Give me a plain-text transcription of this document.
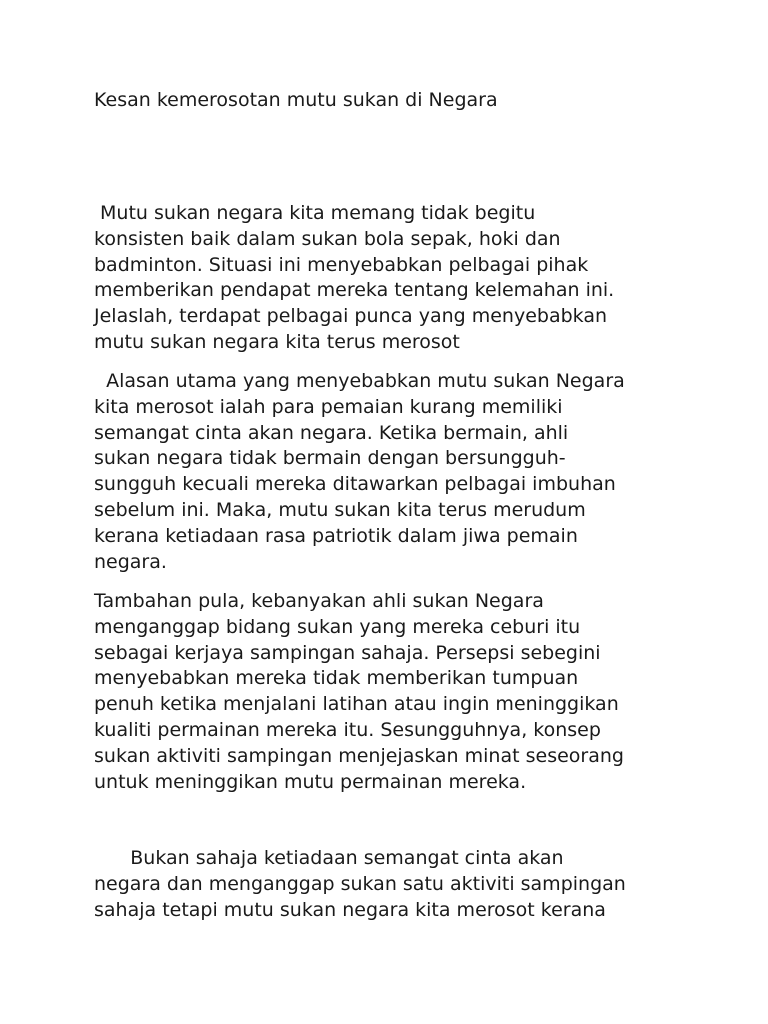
Kesan kemerosotan mutu sukan di Negara
Mutu sukan negara kita memang tidak begitu
konsisten baik dalam sukan bola sepak, hoki dan
badminton. Situasi ini menyebabkan pelbagai pihak
memberikan pendapat mereka tentang kelemahan ini.
Jelaslah, terdapat pelbagai punca yang menyebabkan
mutu sukan negara kita terus merosot
Alasan utama yang menyebabkan mutu sukan Negara
kita merosot ialah para pemaian kurang memiliki
semangat cinta akan negara. Ketika bermain, ahli
sukan negara tidak bermain dengan bersungguh-
sungguh kecuali mereka ditawarkan pelbagai imbuhan
sebelum ini. Maka, mutu sukan kita terus merudum
kerana ketiadaan rasa patriotik dalam jiwa pemain
negara.
Tambahan pula, kebanyakan ahli sukan Negara
menganggap bidang sukan yang mereka ceburi itu
sebagai kerjaya sampingan sahaja. Persepsi sebegini
menyebabkan mereka tidak memberikan tumpuan
penuh ketika menjalani latihan atau ingin meninggikan
kualiti permainan mereka itu. Sesungguhnya, konsep
sukan aktiviti sampingan menjejaskan minat seseorang
untuk meninggikan mutu permainan mereka.
Bukan sahaja ketiadaan semangat cinta akan
negara dan menganggap sukan satu aktiviti sampingan
sahaja tetapi mutu sukan negara kita merosot kerana
